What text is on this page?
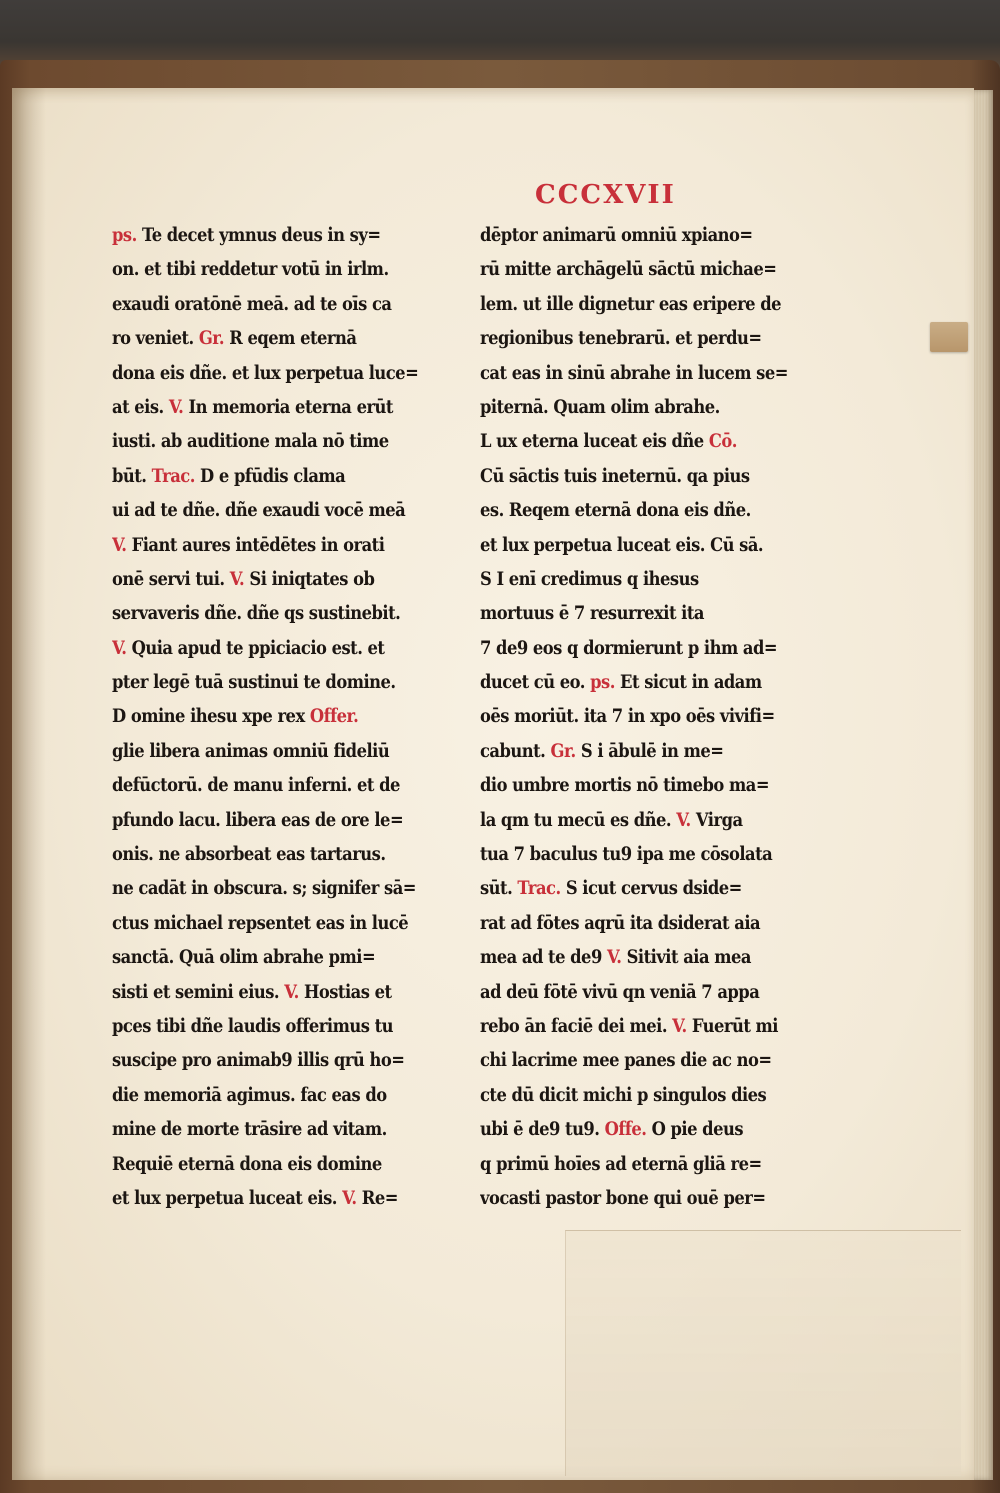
CCCXVII
ps. Te decet ymnus deus in sy=
on. et tibi reddetur votū in irlm.
exaudi oratōnē meā. ad te oīs ca
ro veniet. Gr. R eqem eternā
dona eis dñe. et lux perpetua luce=
at eis. V. In memoria eterna erūt
iusti. ab auditione mala nō time
būt. Trac. D e pfūdis clama
ui ad te dñe. dñe exaudi vocē meā
V. Fiant aures intēdētes in orati
onē servi tui. V. Si iniqtates ob
servaveris dñe. dñe qs sustinebit.
V. Quia apud te ppiciacio est. et
pter legē tuā sustinui te domine.
D omine ihesu xpe rex Offer.
glie libera animas omniū fideliū
defūctorū. de manu inferni. et de
pfundo lacu. libera eas de ore le=
onis. ne absorbeat eas tartarus.
ne cadāt in obscura. s; signifer sā=
ctus michael repsentet eas in lucē
sanctā. Quā olim abrahe pmi=
sisti et semini eius. V. Hostias et
pces tibi dñe laudis offerimus tu
suscipe pro animab9 illis qrū ho=
die memoriā agimus. fac eas do
mine de morte trāsire ad vitam.
Requiē eternā dona eis domine
et lux perpetua luceat eis. V. Re=
dēptor animarū omniū xpiano=
rū mitte archāgelū sāctū michae=
lem. ut ille dignetur eas eripere de
regionibus tenebrarū. et perdu=
cat eas in sinū abrahe in lucem se=
piternā. Quam olim abrahe.
L ux eterna luceat eis dñe Cō.
Cū sāctis tuis ineternū. qa pius
es. Reqem eternā dona eis dñe.
et lux perpetua luceat eis. Cū sā.
S I enī credimus q ihesus
mortuus ē 7 resurrexit ita
7 de9 eos q dormierunt p ihm ad=
ducet cū eo. ps. Et sicut in adam
oēs moriūt. ita 7 in xpo oēs vivifi=
cabunt. Gr. S i ābulē in me=
dio umbre mortis nō timebo ma=
la qm tu mecū es dñe. V. Virga
tua 7 baculus tu9 ipa me cōsolata
sūt. Trac. S icut cervus dside=
rat ad fōtes aqrū ita dsiderat aia
mea ad te de9 V. Sitivit aia mea
ad deū fōtē vivū qn veniā 7 appa
rebo ān faciē dei mei. V. Fuerūt mi
chi lacrime mee panes die ac no=
cte dū dicit michi p singulos dies
ubi ē de9 tu9. Offe. O pie deus
q primū hoīes ad eternā gliā re=
vocasti pastor bone qui ouē per=
